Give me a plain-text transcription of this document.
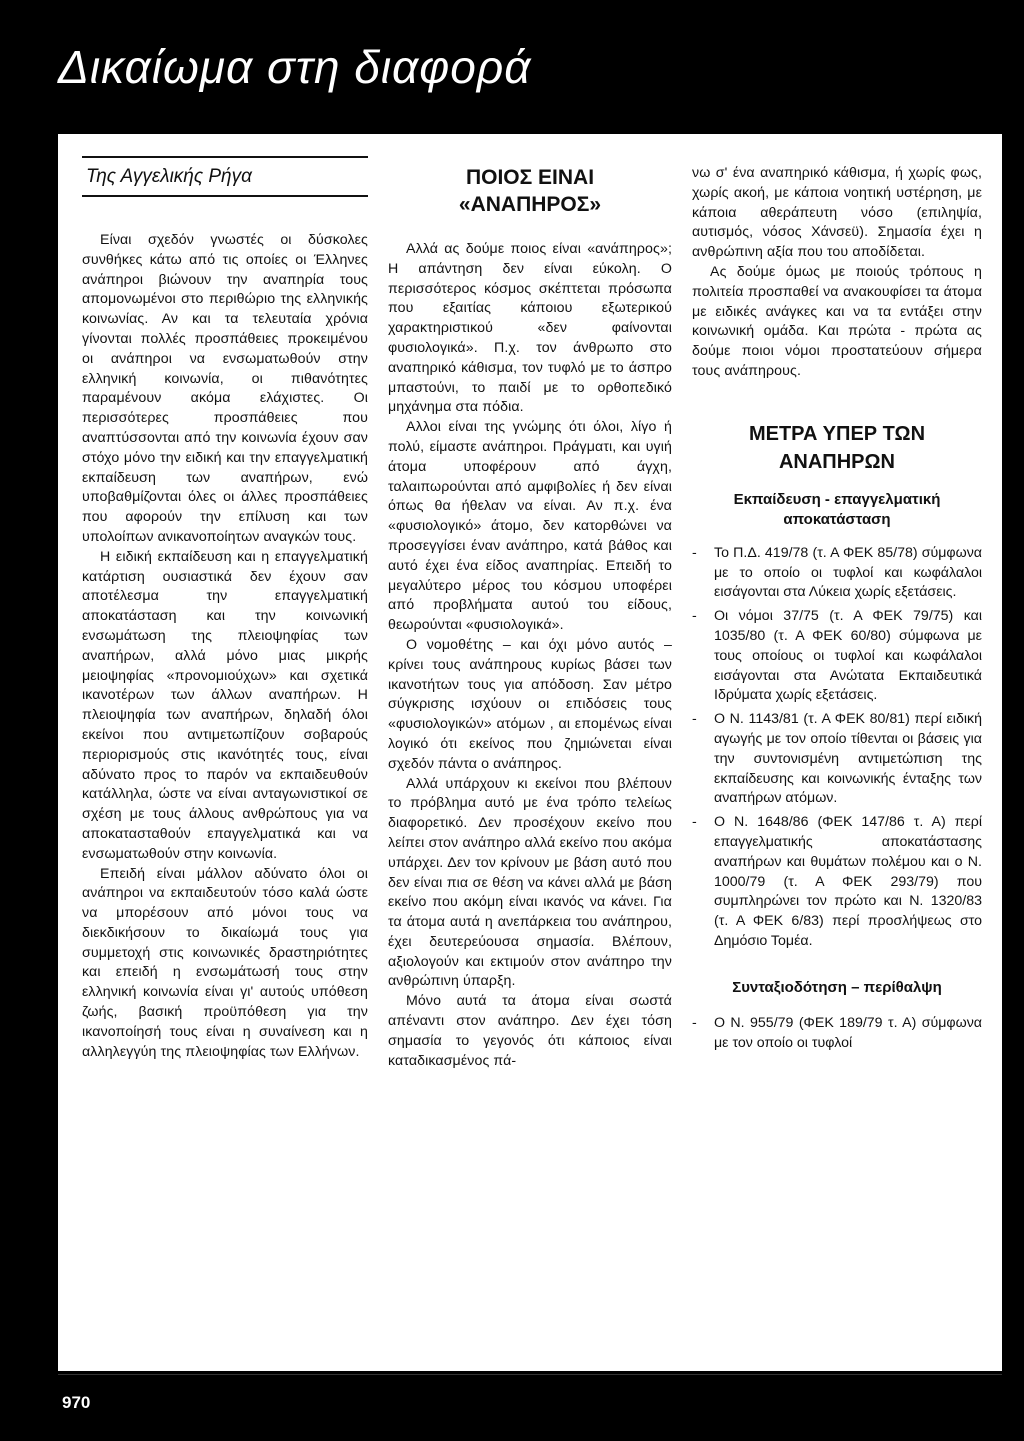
Δικαίωμα στη διαφορά
Της Αγγελικής Ρήγα

Είναι σχεδόν γνωστές οι δύσκολες συνθήκες κάτω από τις οποίες οι Έλληνες ανάπηροι βιώνουν την αναπηρία τους απομονωμένοι στο περιθώριο της ελληνικής κοινωνίας. Αν και τα τελευταία χρόνια γίνονται πολλές προσπάθειες προκειμένου οι ανάπηροι να ενσωματωθούν στην ελληνική κοινωνία, οι πιθανότητες παραμένουν ακόμα ελάχιστες. Οι περισσότερες προσπάθειες που αναπτύσσονται από την κοινωνία έχουν σαν στόχο μόνο την ειδική και την επαγγελματική εκπαίδευση των αναπήρων, ενώ υποβαθμίζονται όλες οι άλλες προσπάθειες που αφορούν την επίλυση και των υπολοίπων ανικανοποίητων αναγκών τους.

Η ειδική εκπαίδευση και η επαγγελματική κατάρτιση ουσιαστικά δεν έχουν σαν αποτέλεσμα την επαγγελματική αποκατάσταση και την κοινωνική ενσωμάτωση της πλειοψηφίας των αναπήρων, αλλά μόνο μιας μικρής μειοψηφίας «προνομιούχων» και σχετικά ικανοτέρων των άλλων αναπήρων. Η πλειοψηφία των αναπήρων, δηλαδή όλοι εκείνοι που αντιμετωπίζουν σοβαρούς περιορισμούς στις ικανότητές τους, είναι αδύνατο προς το παρόν να εκπαιδευθούν κατάλληλα, ώστε να είναι ανταγωνιστικοί σε σχέση με τους άλλους ανθρώπους για να αποκατασταθούν επαγγελματικά και να ενσωματωθούν στην κοινωνία.

Επειδή είναι μάλλον αδύνατο όλοι οι ανάπηροι να εκπαιδευτούν τόσο καλά ώστε να μπορέσουν από μόνοι τους να διεκδικήσουν το δικαίωμά τους για συμμετοχή στις κοινωνικές δραστηριότητες και επειδή η ενσωμάτωσή τους στην ελληνική κοινωνία είναι γι' αυτούς υπόθεση ζωής, βασική προϋπόθεση για την ικανοποίησή τους είναι η συναίνεση και η αλληλεγγύη της πλειοψηφίας των Ελλήνων.

ΠΟΙΟΣ ΕΙΝΑΙ «ΑΝΑΠΗΡΟΣ»

Αλλά ας δούμε ποιος είναι «ανάπηρος»; Η απάντηση δεν είναι εύκολη. Ο περισσότερος κόσμος σκέπτεται πρόσωπα που εξαιτίας κάποιου εξωτερικού χαρακτηριστικού «δεν φαίνονται φυσιολογικά». Π.χ. τον άνθρωπο στο αναπηρικό κάθισμα, τον τυφλό με το άσπρο μπαστούνι, το παιδί με το ορθοπεδικό μηχάνημα στα πόδια.

Αλλοι είναι της γνώμης ότι όλοι, λίγο ή πολύ, είμαστε ανάπηροι. Πράγματι, και υγιή άτομα υποφέρουν από άγχη, ταλαιπωρούνται από αμφιβολίες ή δεν είναι όπως θα ήθελαν να είναι. Αν π.χ. ένα «φυσιολογικό» άτομο, δεν κατορθώνει να προσεγγίσει έναν ανάπηρο, κατά βάθος και αυτό έχει ένα είδος αναπηρίας. Επειδή το μεγαλύτερο μέρος του κόσμου υποφέρει από προβλήματα αυτού του είδους, θεωρούνται «φυσιολογικά».

Ο νομοθέτης – και όχι μόνο αυτός – κρίνει τους ανάπηρους κυρίως βάσει των ικανοτήτων τους για απόδοση. Σαν μέτρο σύγκρισης ισχύουν οι επιδόσεις τους «φυσιολογικών» ατόμων , αι επομένως είναι λογικό ότι εκείνος που ζημιώνεται είναι σχεδόν πάντα ο ανάπηρος.

Αλλά υπάρχουν κι εκείνοι που βλέπουν το πρόβλημα αυτό με ένα τρόπο τελείως διαφορετικό. Δεν προσέχουν εκείνο που λείπει στον ανάπηρο αλλά εκείνο που ακόμα υπάρχει. Δεν τον κρίνουν με βάση αυτό που δεν είναι πια σε θέση να κάνει αλλά με βάση εκείνο που ακόμη είναι ικανός να κάνει. Για τα άτομα αυτά η ανεπάρκεια του ανάπηρου, έχει δευτερεύουσα σημασία. Βλέπουν, αξιολογούν και εκτιμούν στον ανάπηρο την ανθρώπινη ύπαρξη.

Μόνο αυτά τα άτομα είναι σωστά απέναντι στον ανάπηρο. Δεν έχει τόση σημασία το γεγονός ότι κάποιος είναι καταδικασμένος πά-

νω σ' ένα αναπηρικό κάθισμα, ή χωρίς φως, χωρίς ακοή, με κάποια νοητική υστέρηση, με κάποια αθεράπευτη νόσο (επιληψία, αυτισμός, νόσος Χάνσεϋ). Σημασία έχει η ανθρώπινη αξία που του αποδίδεται.

Ας δούμε όμως με ποιούς τρόπους η πολιτεία προσπαθεί να ανακουφίσει τα άτομα με ειδικές ανάγκες και να τα εντάξει στην κοινωνική ομάδα. Και πρώτα - πρώτα ας δούμε ποιοι νόμοι προστατεύουν σήμερα τους ανάπηρους.

ΜΕΤΡΑ ΥΠΕΡ ΤΩΝ ΑΝΑΠΗΡΩΝ

Εκπαίδευση - επαγγελματική αποκατάσταση

- Το Π.Δ. 419/78 (τ. Α ΦΕΚ 85/78) σύμφωνα με το οποίο οι τυφλοί και κωφάλαλοι εισάγονται στα Λύκεια χωρίς εξετάσεις.
- Οι νόμοι 37/75 (τ. Α ΦΕΚ 79/75) και 1035/80 (τ. Α ΦΕΚ 60/80) σύμφωνα με τους οποίους οι τυφλοί και κωφάλαλοι εισάγονται στα Ανώτατα Εκπαιδευτικά Ιδρύματα χωρίς εξετάσεις.
- Ο Ν. 1143/81 (τ. Α ΦΕΚ 80/81) περί ειδική αγωγής με τον οποίο τίθενται οι βάσεις για την συντονισμένη αντιμετώπιση της εκπαίδευσης και κοινωνικής ένταξης των αναπήρων ατόμων.
- Ο Ν. 1648/86 (ΦΕΚ 147/86 τ. Α) περί επαγγελματικής αποκατάστασης αναπήρων και θυμάτων πολέμου και ο Ν. 1000/79 (τ. Α ΦΕΚ 293/79) που συμπληρώνει τον πρώτο και Ν. 1320/83 (τ. Α ΦΕΚ 6/83) περί προσλήψεως στο Δημόσιο Τομέα.

Συνταξιοδότηση – περίθαλψη

- Ο Ν. 955/79 (ΦΕΚ 189/79 τ. Α) σύμφωνα με τον οποίο οι τυφλοί
970
